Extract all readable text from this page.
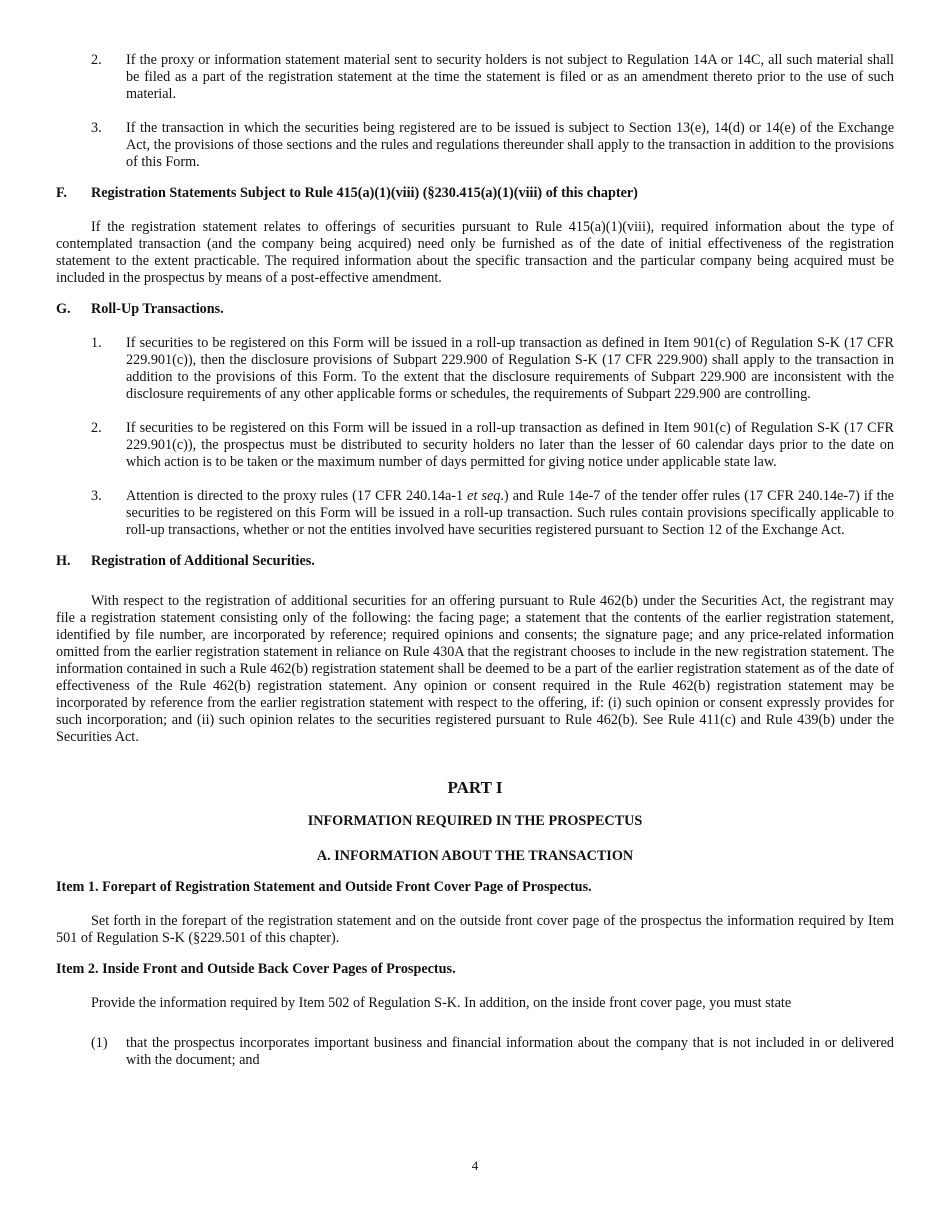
2. If the proxy or information statement material sent to security holders is not subject to Regulation 14A or 14C, all such material shall be filed as a part of the registration statement at the time the statement is filed or as an amendment thereto prior to the use of such material.
3. If the transaction in which the securities being registered are to be issued is subject to Section 13(e), 14(d) or 14(e) of the Exchange Act, the provisions of those sections and the rules and regulations thereunder shall apply to the transaction in addition to the provisions of this Form.
F. Registration Statements Subject to Rule 415(a)(1)(viii) (§230.415(a)(1)(viii) of this chapter)

If the registration statement relates to offerings of securities pursuant to Rule 415(a)(1)(viii), required information about the type of contemplated transaction (and the company being acquired) need only be furnished as of the date of initial effectiveness of the registration statement to the extent practicable. The required information about the specific transaction and the particular company being acquired must be included in the prospectus by means of a post-effective amendment.

G. Roll-Up Transactions.
1. If securities to be registered on this Form will be issued in a roll-up transaction as defined in Item 901(c) of Regulation S-K (17 CFR 229.901(c)), then the disclosure provisions of Subpart 229.900 of Regulation S-K (17 CFR 229.900) shall apply to the transaction in addition to the provisions of this Form. To the extent that the disclosure requirements of Subpart 229.900 are inconsistent with the disclosure requirements of any other applicable forms or schedules, the requirements of Subpart 229.900 are controlling.
2. If securities to be registered on this Form will be issued in a roll-up transaction as defined in Item 901(c) of Regulation S-K (17 CFR 229.901(c)), the prospectus must be distributed to security holders no later than the lesser of 60 calendar days prior to the date on which action is to be taken or the maximum number of days permitted for giving notice under applicable state law.
3. Attention is directed to the proxy rules (17 CFR 240.14a-1 et seq.) and Rule 14e-7 of the tender offer rules (17 CFR 240.14e-7) if the securities to be registered on this Form will be issued in a roll-up transaction. Such rules contain provisions specifically applicable to roll-up transactions, whether or not the entities involved have securities registered pursuant to Section 12 of the Exchange Act.
H. Registration of Additional Securities.

With respect to the registration of additional securities for an offering pursuant to Rule 462(b) under the Securities Act, the registrant may file a registration statement consisting only of the following: the facing page; a statement that the contents of the earlier registration statement, identified by file number, are incorporated by reference; required opinions and consents; the signature page; and any price-related information omitted from the earlier registration statement in reliance on Rule 430A that the registrant chooses to include in the new registration statement. The information contained in such a Rule 462(b) registration statement shall be deemed to be a part of the earlier registration statement as of the date of effectiveness of the Rule 462(b) registration statement. Any opinion or consent required in the Rule 462(b) registration statement may be incorporated by reference from the earlier registration statement with respect to the offering, if: (i) such opinion or consent expressly provides for such incorporation; and (ii) such opinion relates to the securities registered pursuant to Rule 462(b). See Rule 411(c) and Rule 439(b) under the Securities Act.

PART I

INFORMATION REQUIRED IN THE PROSPECTUS

A. INFORMATION ABOUT THE TRANSACTION

Item 1. Forepart of Registration Statement and Outside Front Cover Page of Prospectus.

Set forth in the forepart of the registration statement and on the outside front cover page of the prospectus the information required by Item 501 of Regulation S-K (§229.501 of this chapter).

Item 2. Inside Front and Outside Back Cover Pages of Prospectus.

Provide the information required by Item 502 of Regulation S-K. In addition, on the inside front cover page, you must state

(1) that the prospectus incorporates important business and financial information about the company that is not included in or delivered with the document; and
4
